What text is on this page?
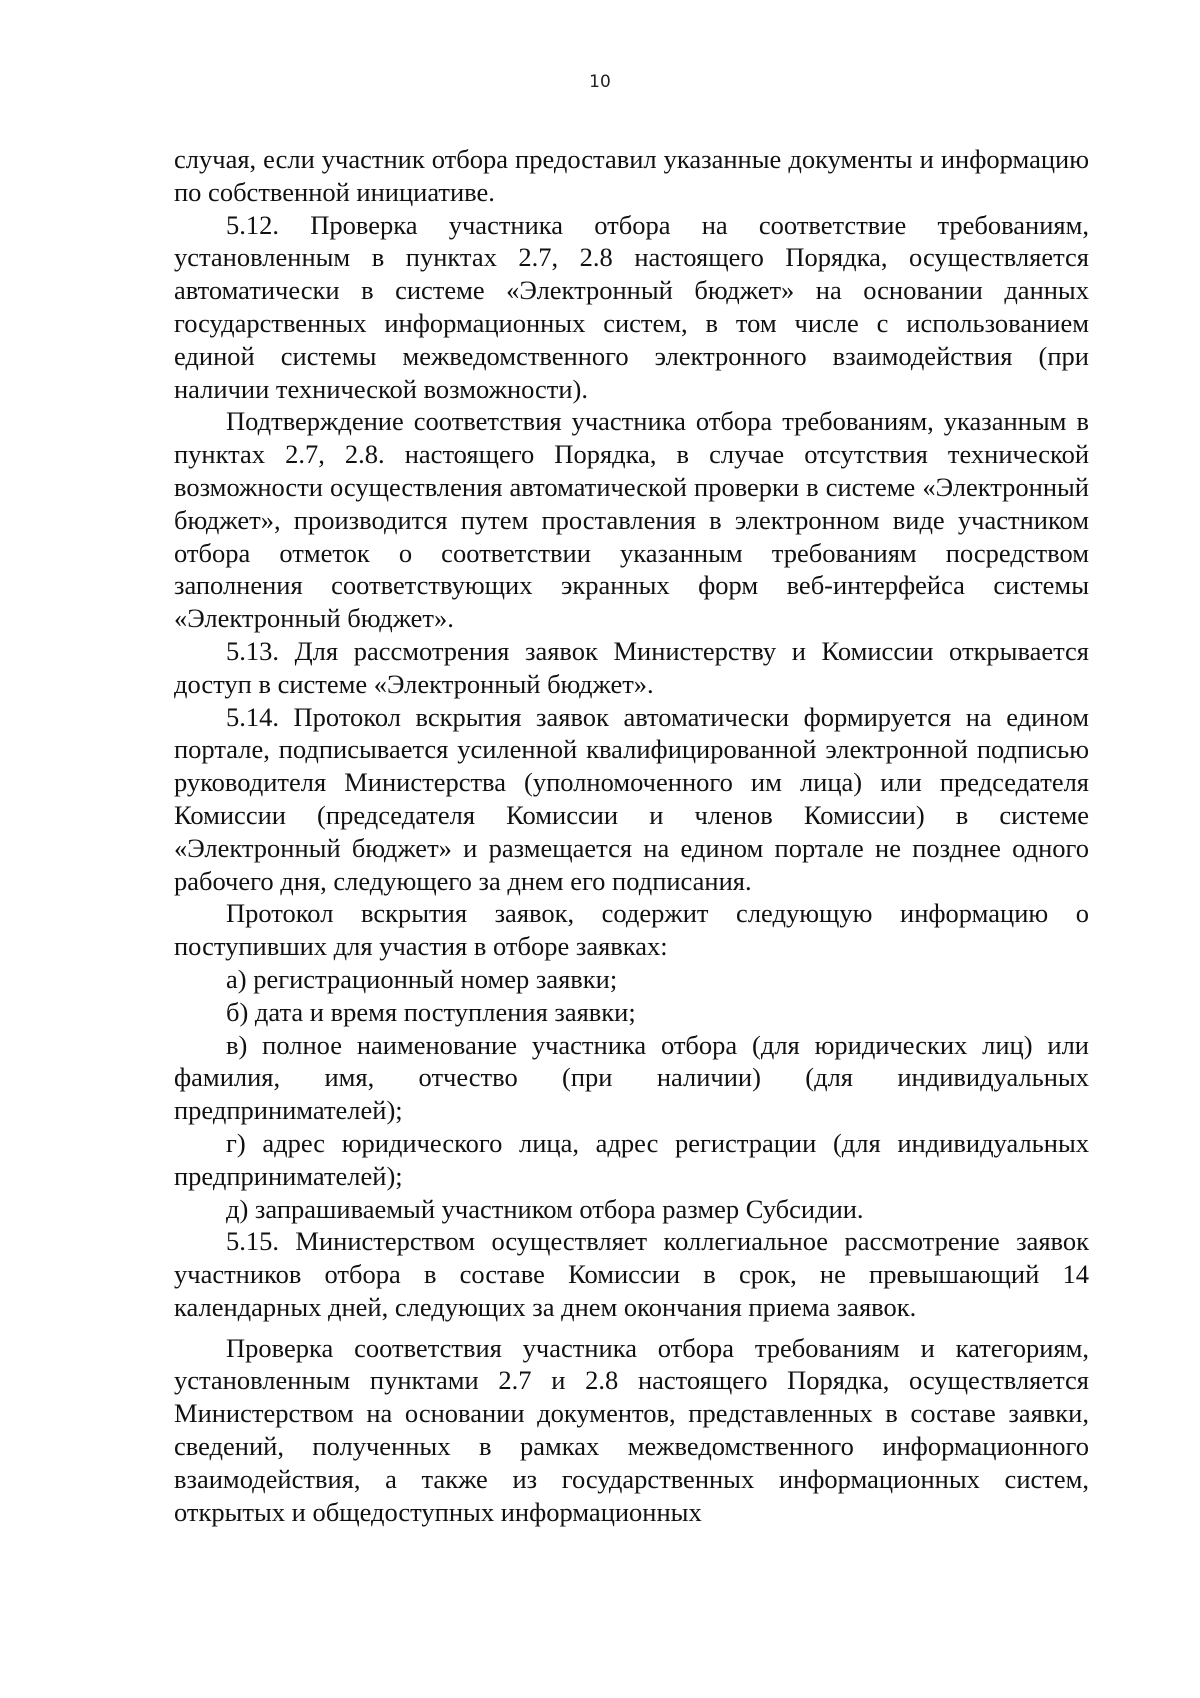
10

случая, если участник отбора предоставил указанные документы и информацию по собственной инициативе.

5.12. Проверка участника отбора на соответствие требованиям, установленным в пунктах 2.7, 2.8 настоящего Порядка, осуществляется автоматически в системе «Электронный бюджет» на основании данных государственных информационных систем, в том числе с использованием единой системы межведомственного электронного взаимодействия (при наличии технической возможности).

Подтверждение соответствия участника отбора требованиям, указанным в пунктах 2.7, 2.8. настоящего Порядка, в случае отсутствия технической возможности осуществления автоматической проверки в системе «Электронный бюджет», производится путем проставления в электронном виде участником отбора отметок о соответствии указанным требованиям посредством заполнения соответствующих экранных форм веб-интерфейса системы «Электронный бюджет».

5.13. Для рассмотрения заявок Министерству и Комиссии открывается доступ в системе «Электронный бюджет».

5.14. Протокол вскрытия заявок автоматически формируется на едином портале, подписывается усиленной квалифицированной электронной подписью руководителя Министерства (уполномоченного им лица) или председателя Комиссии (председателя Комиссии и членов Комиссии) в системе «Электронный бюджет» и размещается на едином портале не позднее одного рабочего дня, следующего за днем его подписания.

Протокол вскрытия заявок, содержит следующую информацию о поступивших для участия в отборе заявках:

а) регистрационный номер заявки;

б) дата и время поступления заявки;

в) полное наименование участника отбора (для юридических лиц) или фамилия, имя, отчество (при наличии) (для индивидуальных предпринимателей);

г) адрес юридического лица, адрес регистрации (для индивидуальных предпринимателей);

д) запрашиваемый участником отбора размер Субсидии.

5.15. Министерством осуществляет коллегиальное рассмотрение заявок участников отбора в составе Комиссии в срок, не превышающий 14 календарных дней, следующих за днем окончания приема заявок.

Проверка соответствия участника отбора требованиям и категориям, установленным пунктами 2.7 и 2.8 настоящего Порядка, осуществляется Министерством на основании документов, представленных в составе заявки, сведений, полученных в рамках межведомственного информационного взаимодействия, а также из государственных информационных систем, открытых и общедоступных информационных
